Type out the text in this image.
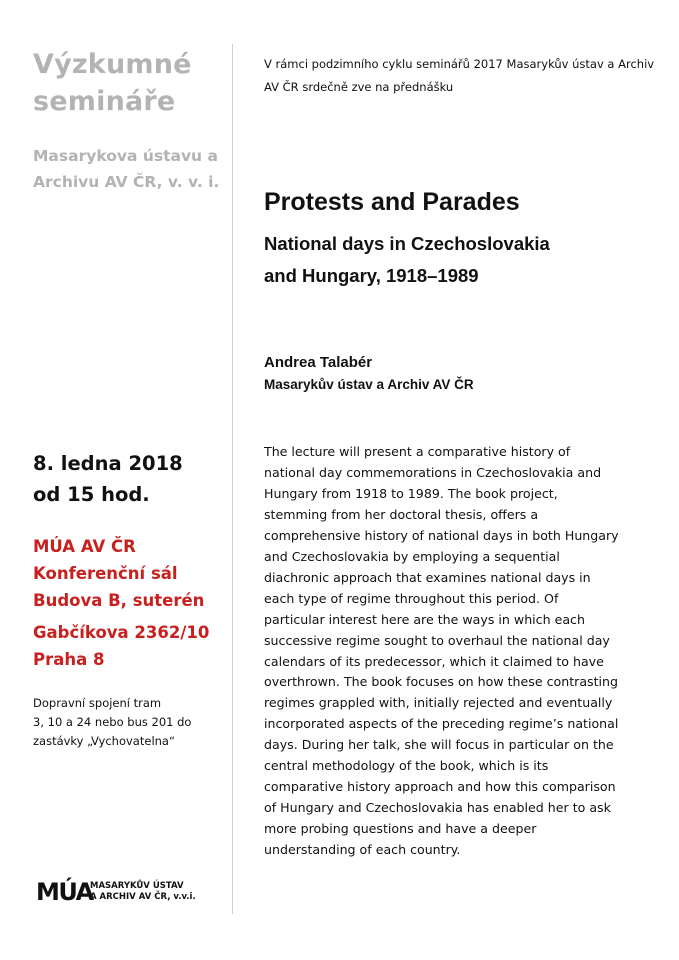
Výzkumné
semináře
Masarykova ústavu a
Archivu AV ČR, v. v. i.
8. ledna 2018
od 15 hod.
MÚA AV ČR
Konferenční sál
Budova B, suterén
Gabčíkova 2362/10
Praha 8
Dopravní spojení tram
3, 10 a 24 nebo bus 201 do
zastávky „Vychovatelna“
MÚA
MASARYKŮV ÚSTAV
A ARCHIV AV ČR, v.v.i.
V rámci podzimního cyklu seminářů 2017 Masarykův ústav a Archiv
AV ČR srdečně zve na přednášku
Protests and Parades
National days in Czechoslovakia
and Hungary, 1918–1989
Andrea Talabér
Masarykův ústav a Archiv AV ČR
The lecture will present a comparative history of
national day commemorations in Czechoslovakia and
Hungary from 1918 to 1989. The book project,
stemming from her doctoral thesis, offers a
comprehensive history of national days in both Hungary
and Czechoslovakia by employing a sequential
diachronic approach that examines national days in
each type of regime throughout this period. Of
particular interest here are the ways in which each
successive regime sought to overhaul the national day
calendars of its predecessor, which it claimed to have
overthrown. The book focuses on how these contrasting
regimes grappled with, initially rejected and eventually
incorporated aspects of the preceding regime’s national
days. During her talk, she will focus in particular on the
central methodology of the book, which is its
comparative history approach and how this comparison
of Hungary and Czechoslovakia has enabled her to ask
more probing questions and have a deeper
understanding of each country.
